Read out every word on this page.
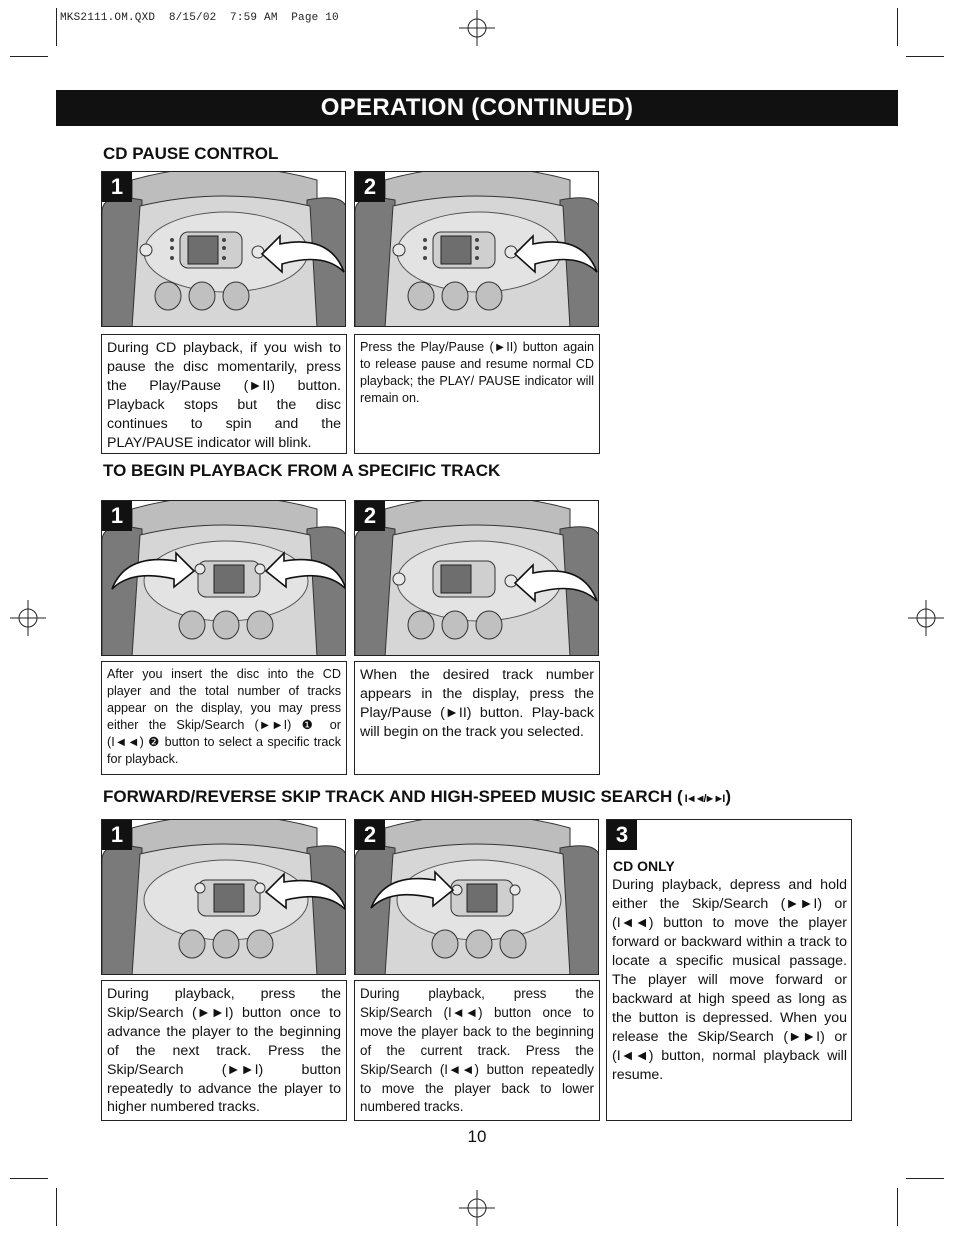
MKS2111.OM.QXD  8/15/02  7:59 AM  Page 10
OPERATION (CONTINUED)
CD PAUSE CONTROL
1	2
During CD playback, if you wish to pause the disc momentarily, press the Play/Pause (►II) button. Playback stops but the disc continues to spin and the PLAY/PAUSE indicator will blink.
Press the Play/Pause (►II) button again to release pause and resume normal CD playback; the PLAY/ PAUSE indicator will remain on.
TO BEGIN PLAYBACK FROM A SPECIFIC TRACK
1	2
After you insert the disc into the CD player and the total number of tracks appear on the display, you may press either the Skip/Search (►►I) ❶ or (I◄◄) ❷ button to select a specific track for playback.
When the desired track number appears in the display, press the Play/Pause (►II) button. Play-back will begin on the track you selected.
FORWARD/REVERSE SKIP TRACK AND HIGH-SPEED MUSIC SEARCH ( I◄◄/►►I )
1	2
During playback, press the Skip/Search (►►I) button once to advance the player to the beginning of the next track. Press the Skip/Search (►►I) button repeatedly to advance the player to higher numbered tracks.
During playback, press the Skip/Search (I◄◄) button once to move the player back to the beginning of the current track. Press the Skip/Search (I◄◄) button repeatedly to move the player back to lower numbered tracks.
3
CD ONLY
During playback, depress and hold either the Skip/Search (►►I) or (I◄◄) button to move the player forward or backward within a track to locate a specific musical passage. The player will move forward or backward at high speed as long as the button is depressed. When you release the Skip/Search (►►I) or (I◄◄) button, normal playback will resume.
10
